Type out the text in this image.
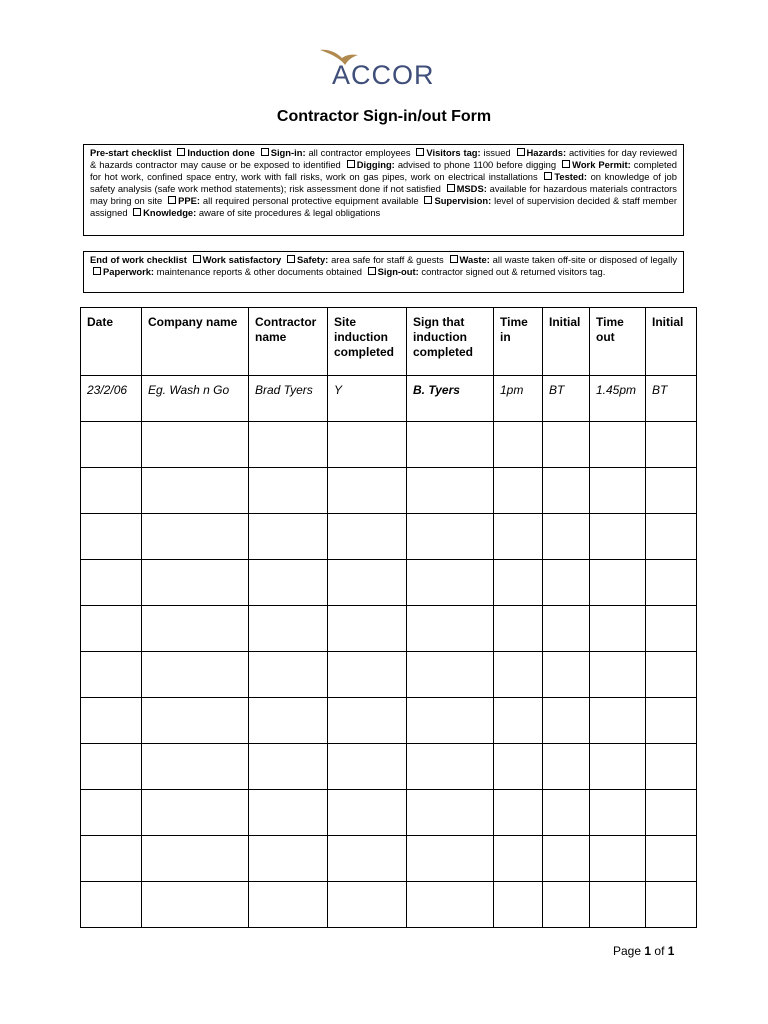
ACCOR
Contractor Sign-in/out Form
Pre-start checklist Induction done Sign-in: all contractor employees Visitors tag: issued Hazards: activities for day reviewed & hazards contractor may cause or be exposed to identified Digging: advised to phone 1100 before digging Work Permit: completed for hot work, confined space entry, work with fall risks, work on gas pipes, work on electrical installations Tested: on knowledge of job safety analysis (safe work method statements); risk assessment done if not satisfied MSDS: available for hazardous materials contractors may bring on site PPE: all required personal protective equipment available Supervision: level of supervision decided & staff member assigned Knowledge: aware of site procedures & legal obligations
End of work checklist Work satisfactory Safety: area safe for staff & guests Waste: all waste taken off-site or disposed of legally Paperwork: maintenance reports & other documents obtained Sign-out: contractor signed out & returned visitors tag.
Date	Company name	Contractor name	Site induction completed	Sign that induction completed	Time in	Initial	Time out	Initial
23/2/06	Eg. Wash n Go	Brad Tyers	Y	B. Tyers	1pm	BT	1.45pm	BT

Page 1 of 1
